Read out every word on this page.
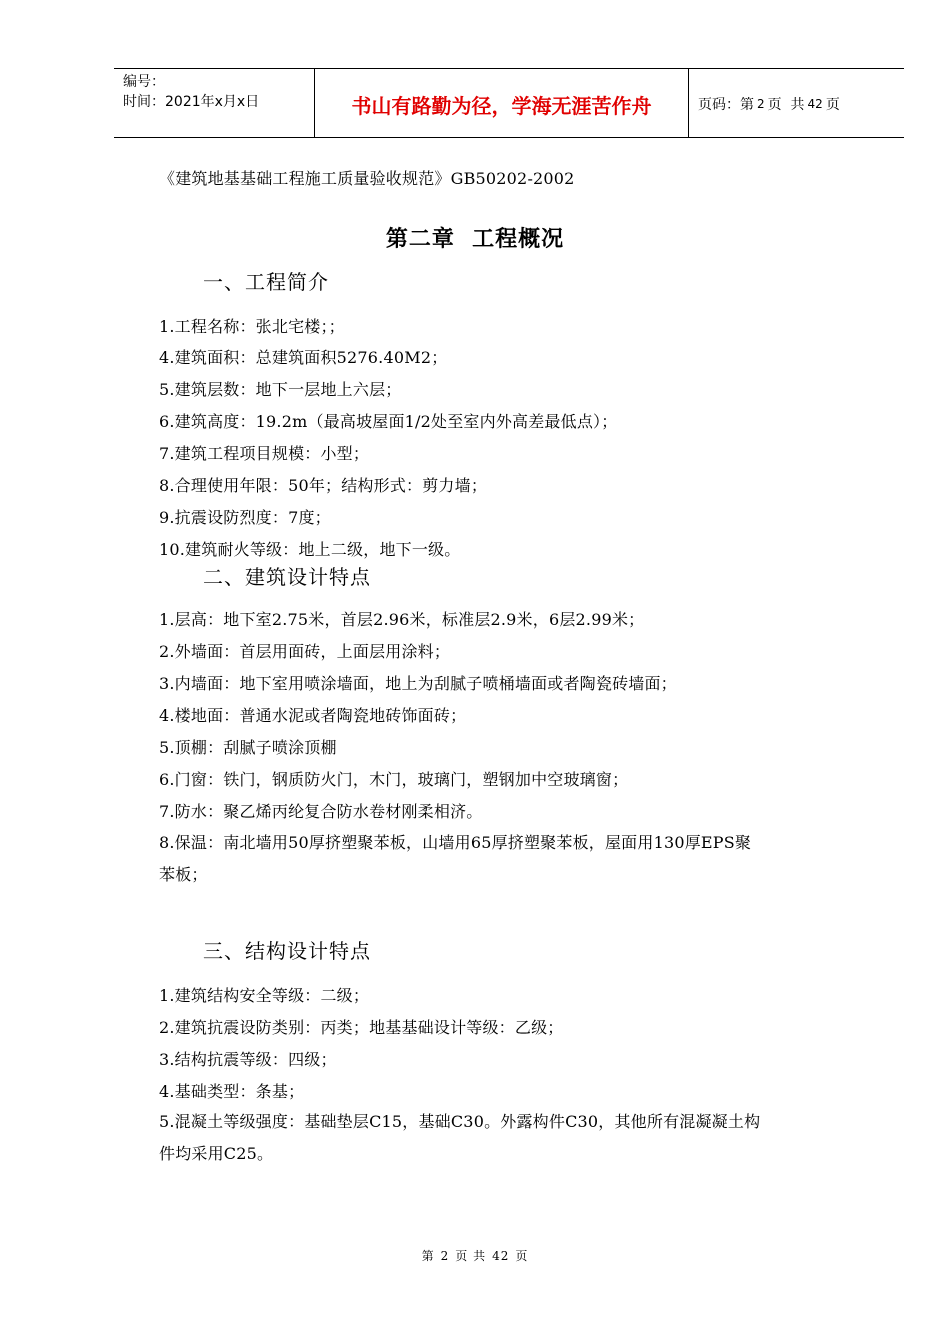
编号：
时间：2021年x月x日	书山有路勤为径，学海无涯苦作舟	页码：第 2 页  共 42 页
《建筑地基基础工程施工质量验收规范》GB50202-2002
第二章  工程概况
一、工程简介
1.工程名称：张北宅楼；；
4.建筑面积：总建筑面积5276.40M2；
5.建筑层数：地下一层地上六层；
6.建筑高度：19.2m（最高坡屋面1/2处至室内外高差最低点）；
7.建筑工程项目规模：小型；
8.合理使用年限：50年；结构形式：剪力墙；
9.抗震设防烈度：7度；
10.建筑耐火等级：地上二级，地下一级。
二、建筑设计特点
1.层高：地下室2.75米，首层2.96米，标准层2.9米，6层2.99米；
2.外墙面：首层用面砖，上面层用涂料；
3.内墙面：地下室用喷涂墙面，地上为刮腻子喷桶墙面或者陶瓷砖墙面；
4.楼地面：普通水泥或者陶瓷地砖饰面砖；
5.顶棚：刮腻子喷涂顶棚
6.门窗：铁门，钢质防火门，木门，玻璃门，塑钢加中空玻璃窗；
7.防水：聚乙烯丙纶复合防水卷材刚柔相济。
8.保温：南北墙用50厚挤塑聚苯板，山墙用65厚挤塑聚苯板，屋面用130厚EPS聚
苯板；
三、结构设计特点
1.建筑结构安全等级：二级；
2.建筑抗震设防类别：丙类；地基基础设计等级：乙级；
3.结构抗震等级：四级；
4.基础类型：条基；
5.混凝土等级强度：基础垫层C15，基础C30。外露构件C30，其他所有混凝凝土构
件均采用C25。
第 2 页 共 42 页
